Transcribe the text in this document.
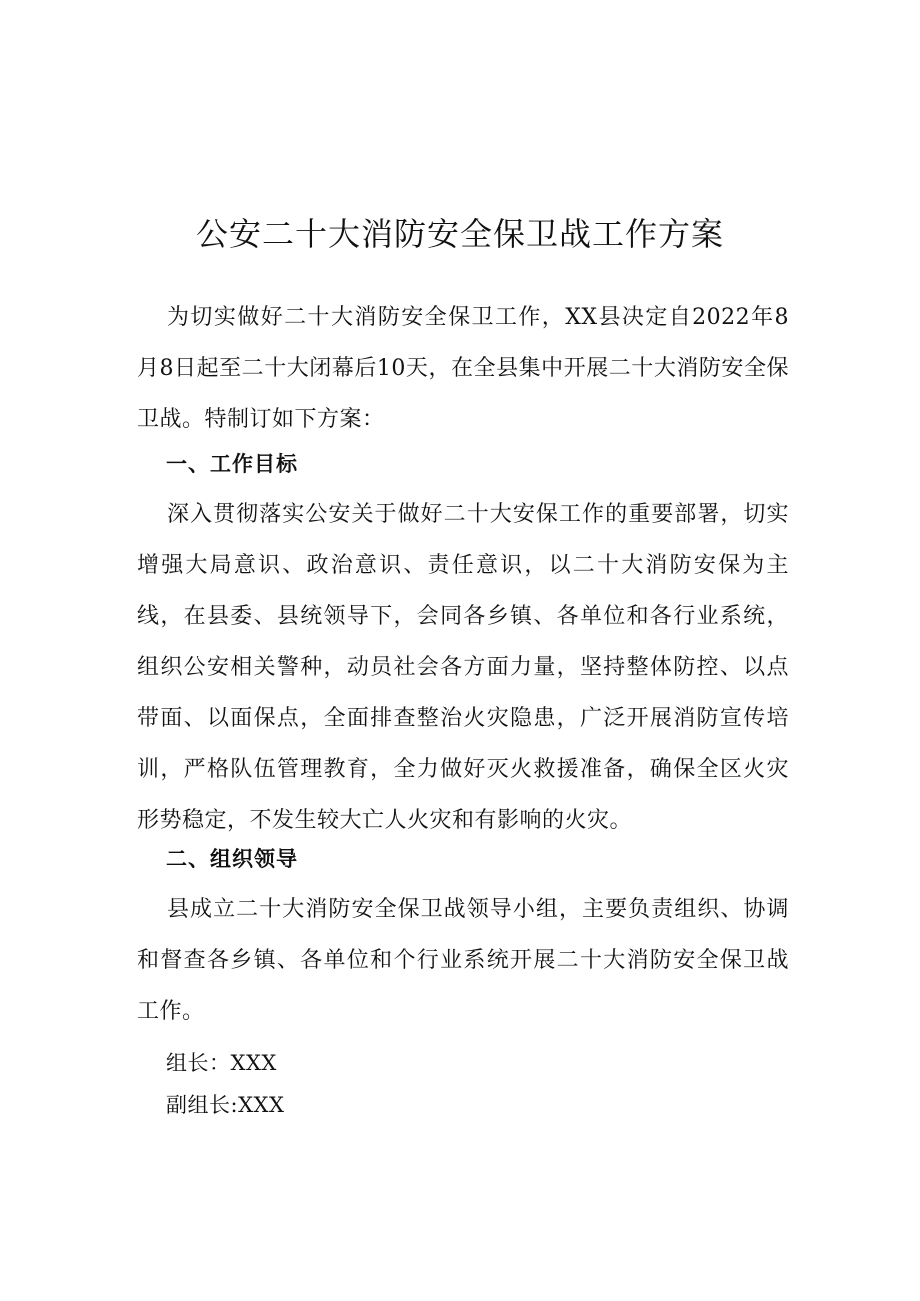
公安二十大消防安全保卫战工作方案

为切实做好二十大消防安全保卫工作，XX县决定自2022年8月8日起至二十大闭幕后10天，在全县集中开展二十大消防安全保卫战。特制订如下方案：

一、工作目标

深入贯彻落实公安关于做好二十大安保工作的重要部署，切实增强大局意识、政治意识、责任意识，以二十大消防安保为主线，在县委、县统领导下，会同各乡镇、各单位和各行业系统，组织公安相关警种，动员社会各方面力量，坚持整体防控、以点带面、以面保点，全面排查整治火灾隐患，广泛开展消防宣传培训，严格队伍管理教育，全力做好灭火救援准备，确保全区火灾形势稳定，不发生较大亡人火灾和有影响的火灾。

二、组织领导

县成立二十大消防安全保卫战领导小组，主要负责组织、协调和督查各乡镇、各单位和个行业系统开展二十大消防安全保卫战工作。

组长：XXX

副组长:XXX
